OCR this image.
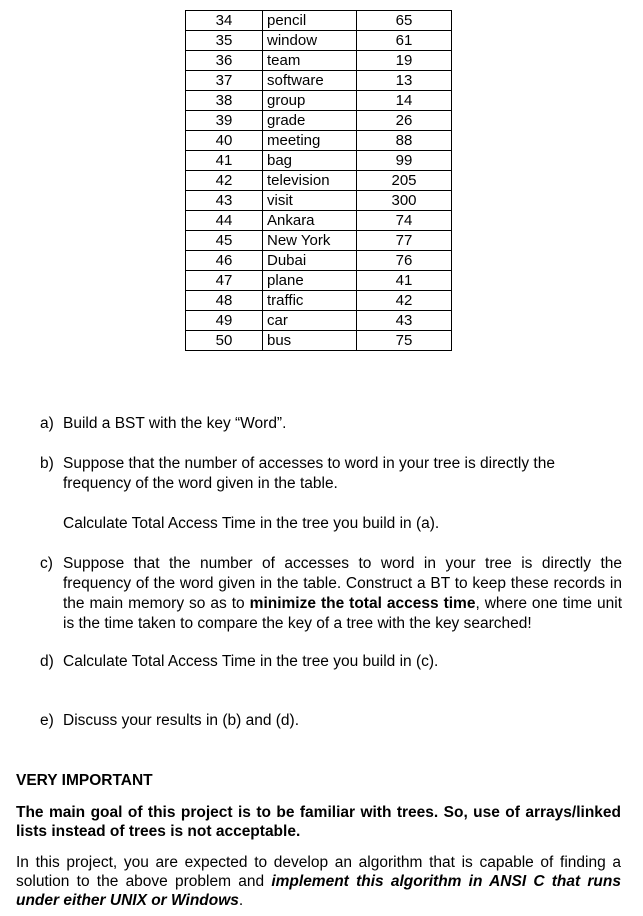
34	pencil	65
35	window	61
36	team	19
37	software	13
38	group	14
39	grade	26
40	meeting	88
41	bag	99
42	television	205
43	visit	300
44	Ankara	74
45	New York	77
46	Dubai	76
47	plane	41
48	traffic	42
49	car	43
50	bus	75
a) Build a BST with the key “Word”.
b) Suppose that the number of accesses to word in your tree is directly the frequency of the word given in the table.
Calculate Total Access Time in the tree you build in (a).
c) Suppose that the number of accesses to word in your tree is directly the frequency of the word given in the table. Construct a BT to keep these records in the main memory so as to minimize the total access time, where one time unit is the time taken to compare the key of a tree with the key searched!
d) Calculate Total Access Time in the tree you build in (c).
e) Discuss your results in (b) and (d).
VERY IMPORTANT
The main goal of this project is to be familiar with trees. So, use of arrays/linked lists instead of trees is not acceptable.
In this project, you are expected to develop an algorithm that is capable of finding a solution to the above problem and implement this algorithm in ANSI C that runs under either UNIX or Windows.
